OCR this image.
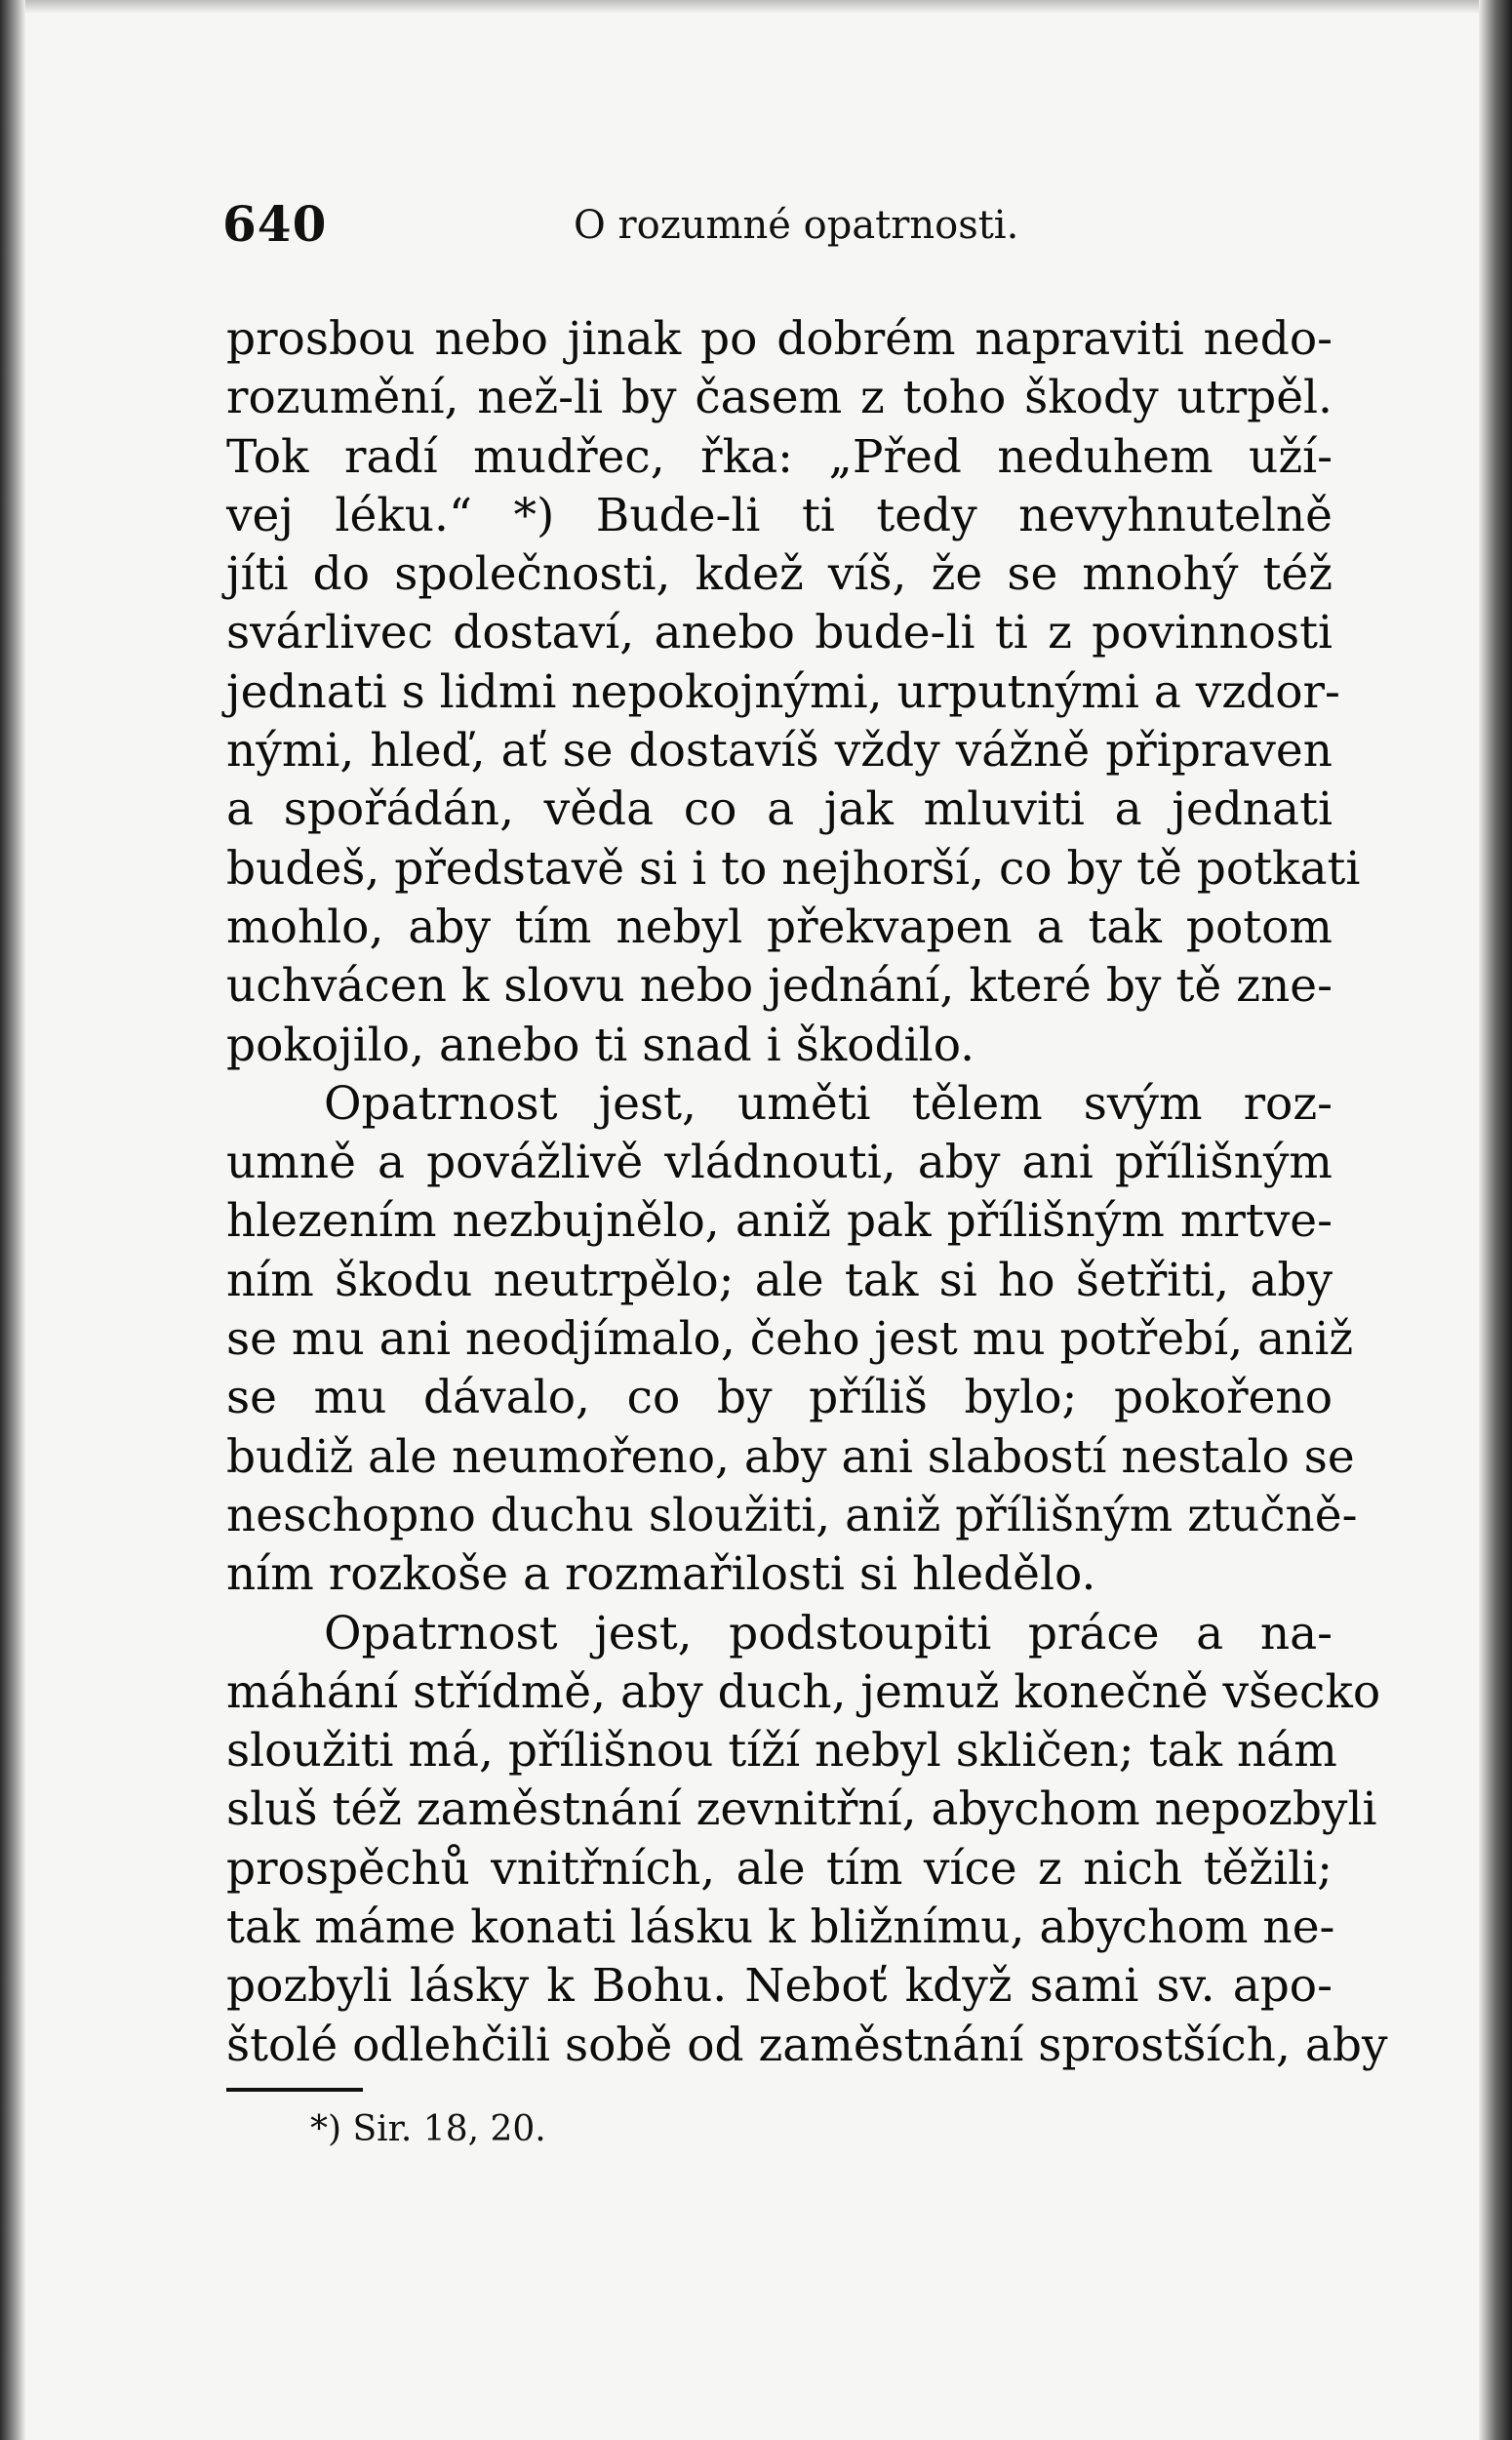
640	O rozumné opatrnosti.
prosbou nebo jinak po dobrém napraviti nedo-
rozumění, než-li by časem z toho škody utrpěl.
Tok radí mudřec, řka: „Před neduhem uží-
vej léku.“ *) Bude-li ti tedy nevyhnutelně
jíti do společnosti, kdež víš, že se mnohý též
svárlivec dostaví, anebo bude-li ti z povinnosti
jednati s lidmi nepokojnými, urputnými a vzdor-
nými, hleď, ať se dostavíš vždy vážně připraven
a spořádán, věda co a jak mluviti a jednati
budeš, představě si i to nejhorší, co by tě potkati
mohlo, aby tím nebyl překvapen a tak potom
uchvácen k slovu nebo jednání, které by tě zne-
pokojilo, anebo ti snad i škodilo.
Opatrnost jest, uměti tělem svým roz-
umně a povážlivě vládnouti, aby ani přílišným
hlezením nezbujnělo, aniž pak přílišným mrtve-
ním škodu neutrpělo; ale tak si ho šetřiti, aby
se mu ani neodjímalo, čeho jest mu potřebí, aniž
se mu dávalo, co by příliš bylo; pokořeno
budiž ale neumořeno, aby ani slabostí nestalo se
neschopno duchu sloužiti, aniž přílišným ztučně-
ním rozkoše a rozmařilosti si hledělo.
Opatrnost jest, podstoupiti práce a na-
máhání střídmě, aby duch, jemuž konečně všecko
sloužiti má, přílišnou tíží nebyl skličen; tak nám
sluš též zaměstnání zevnitřní, abychom nepozbyli
prospěchů vnitřních, ale tím více z nich těžili;
tak máme konati lásku k bližnímu, abychom ne-
pozbyli lásky k Bohu. Neboť když sami sv. apo-
štolé odlehčili sobě od zaměstnání sprostších, aby
*) Sir. 18, 20.
